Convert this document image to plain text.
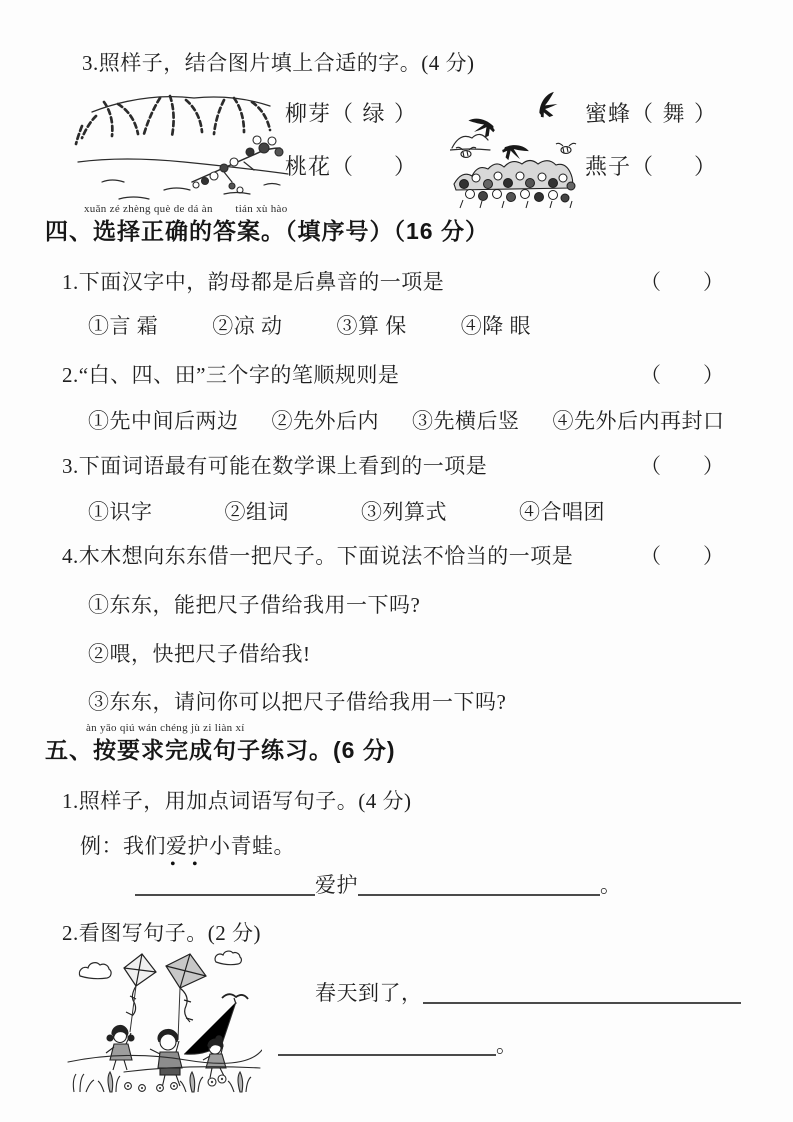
3.照样子，结合图片填上合适的字。(4 分)
柳芽（ 绿 ）
桃花（ ）
蜜蜂（ 舞 ）
燕子（ ）
xuǎn zé zhèng què de dá àn　　tián xù hào
四、选择正确的答案。（填序号）（16 分）
1.下面汉字中，韵母都是后鼻音的一项是	（ ）
①言 霜	②凉 动	③算 保	④降 眼
2.“白、四、田”三个字的笔顺规则是	（ ）
①先中间后两边 ②先外后内 ③先横后竖 ④先外后内再封口
3.下面词语最有可能在数学课上看到的一项是	（ ）
①识字	②组词	③列算式	④合唱团
4.木木想向东东借一把尺子。下面说法不恰当的一项是	（ ）
①东东，能把尺子借给我用一下吗?
②喂，快把尺子借给我!
③东东，请问你可以把尺子借给我用一下吗?
àn yāo qiú wán chéng jù zi liàn xí
五、按要求完成句子练习。(6 分)
1.照样子，用加点词语写句子。(4 分)
例：我们爱护
• •
小青蛙。
爱护	。
2.看图写句子。(2 分)
春天到了，
。
